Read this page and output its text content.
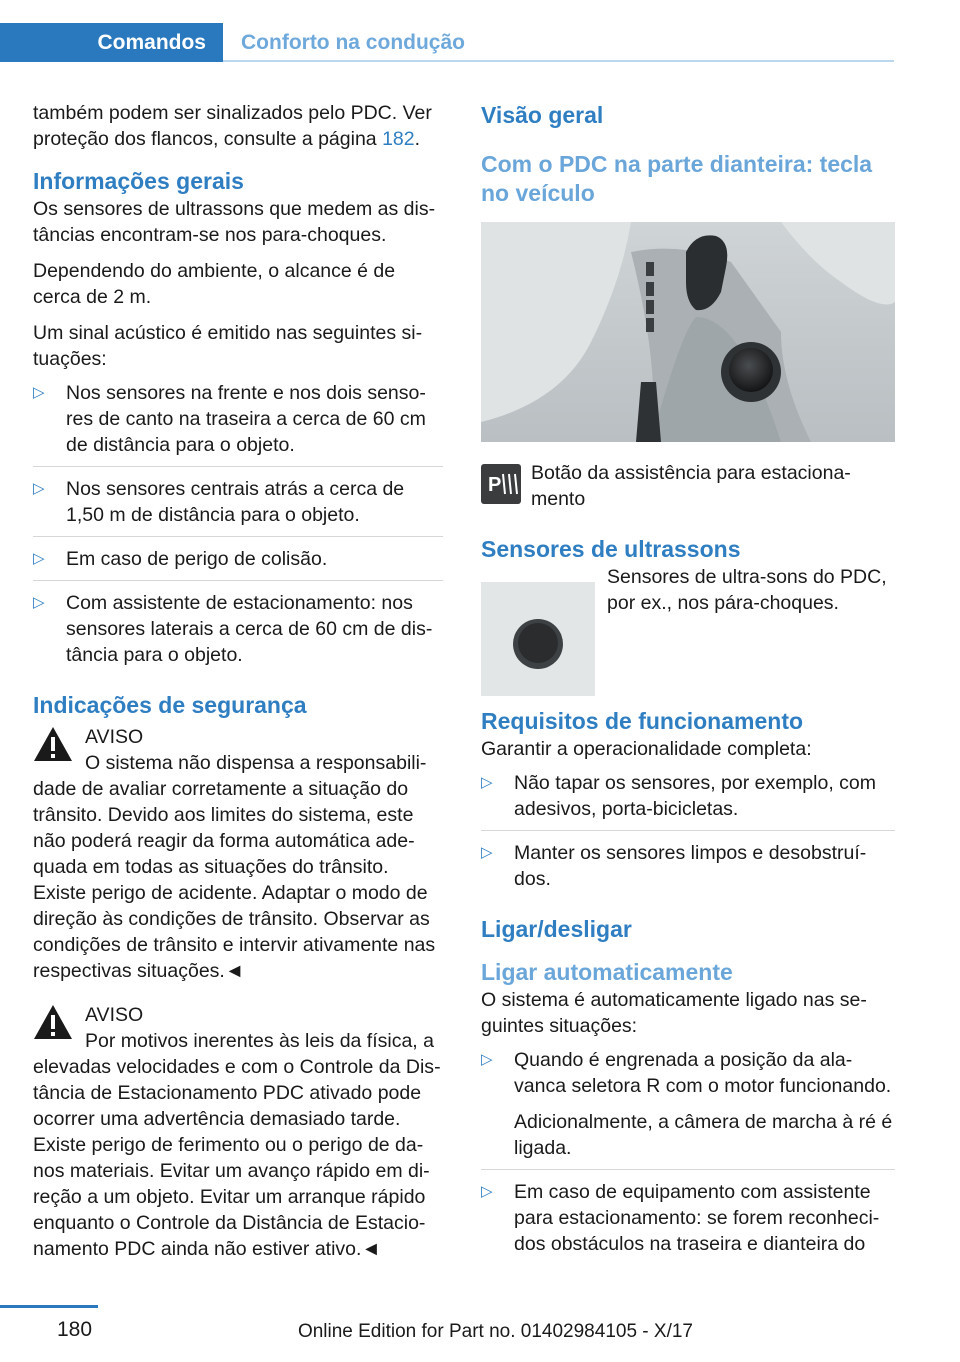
Comandos	Conforto na condução

também podem ser sinalizados pelo PDC. Ver
proteção dos flancos, consulte a página 182.

Informações gerais

Os sensores de ultrassons que medem as distâncias encontram-se nos para-choques.

Dependendo do ambiente, o alcance é de cerca de 2 m.

Um sinal acústico é emitido nas seguintes situações:

▷ Nos sensores na frente e nos dois sensores de canto na traseira a cerca de 60 cm de distância para o objeto.

▷ Nos sensores centrais atrás a cerca de 1,50 m de distância para o objeto.

▷ Em caso de perigo de colisão.

▷ Com assistente de estacionamento: nos sensores laterais a cerca de 60 cm de distância para o objeto.

Indicações de segurança
AVISO
O sistema não dispensa a responsabili-
dade de avaliar corretamente a situação do trânsito. Devido aos limites do sistema, este não poderá reagir da forma automática adequada em todas as situações do trânsito. Existe perigo de acidente. Adaptar o modo de direção às condições de trânsito. Observar as condições de trânsito e intervir ativamente nas respectivas situações.◄
AVISO
Por motivos inerentes às leis da física, a
elevadas velocidades e com o Controle da Distância de Estacionamento PDC ativado pode ocorrer uma advertência demasiado tarde. Existe perigo de ferimento ou o perigo de danos materiais. Evitar um avanço rápido em direção a um objeto. Evitar um arranque rápido enquanto o Controle da Distância de Estacionamento PDC ainda não estiver ativo.◄
Visão geral
Com o PDC na parte dianteira: tecla no veículo
P
Botão da assistência para estacionamento
Sensores de ultrassons
Sensores de ultra-sons do PDC, por ex., nos pára-choques.
Requisitos de funcionamento

Garantir a operacionalidade completa:

▷ Não tapar os sensores, por exemplo, com adesivos, porta-bicicletas.

▷ Manter os sensores limpos e desobstruídos.

Ligar/desligar
Ligar automaticamente

O sistema é automaticamente ligado nas seguintes situações:

▷ Quando é engrenada a posição da alavanca seletora R com o motor funcionando.

Adicionalmente, a câmera de marcha à ré é ligada.

▷ Em caso de equipamento com assistente para estacionamento: se forem reconhecidos obstáculos na traseira e dianteira do

180	Online Edition for Part no. 01402984105 - X/17
